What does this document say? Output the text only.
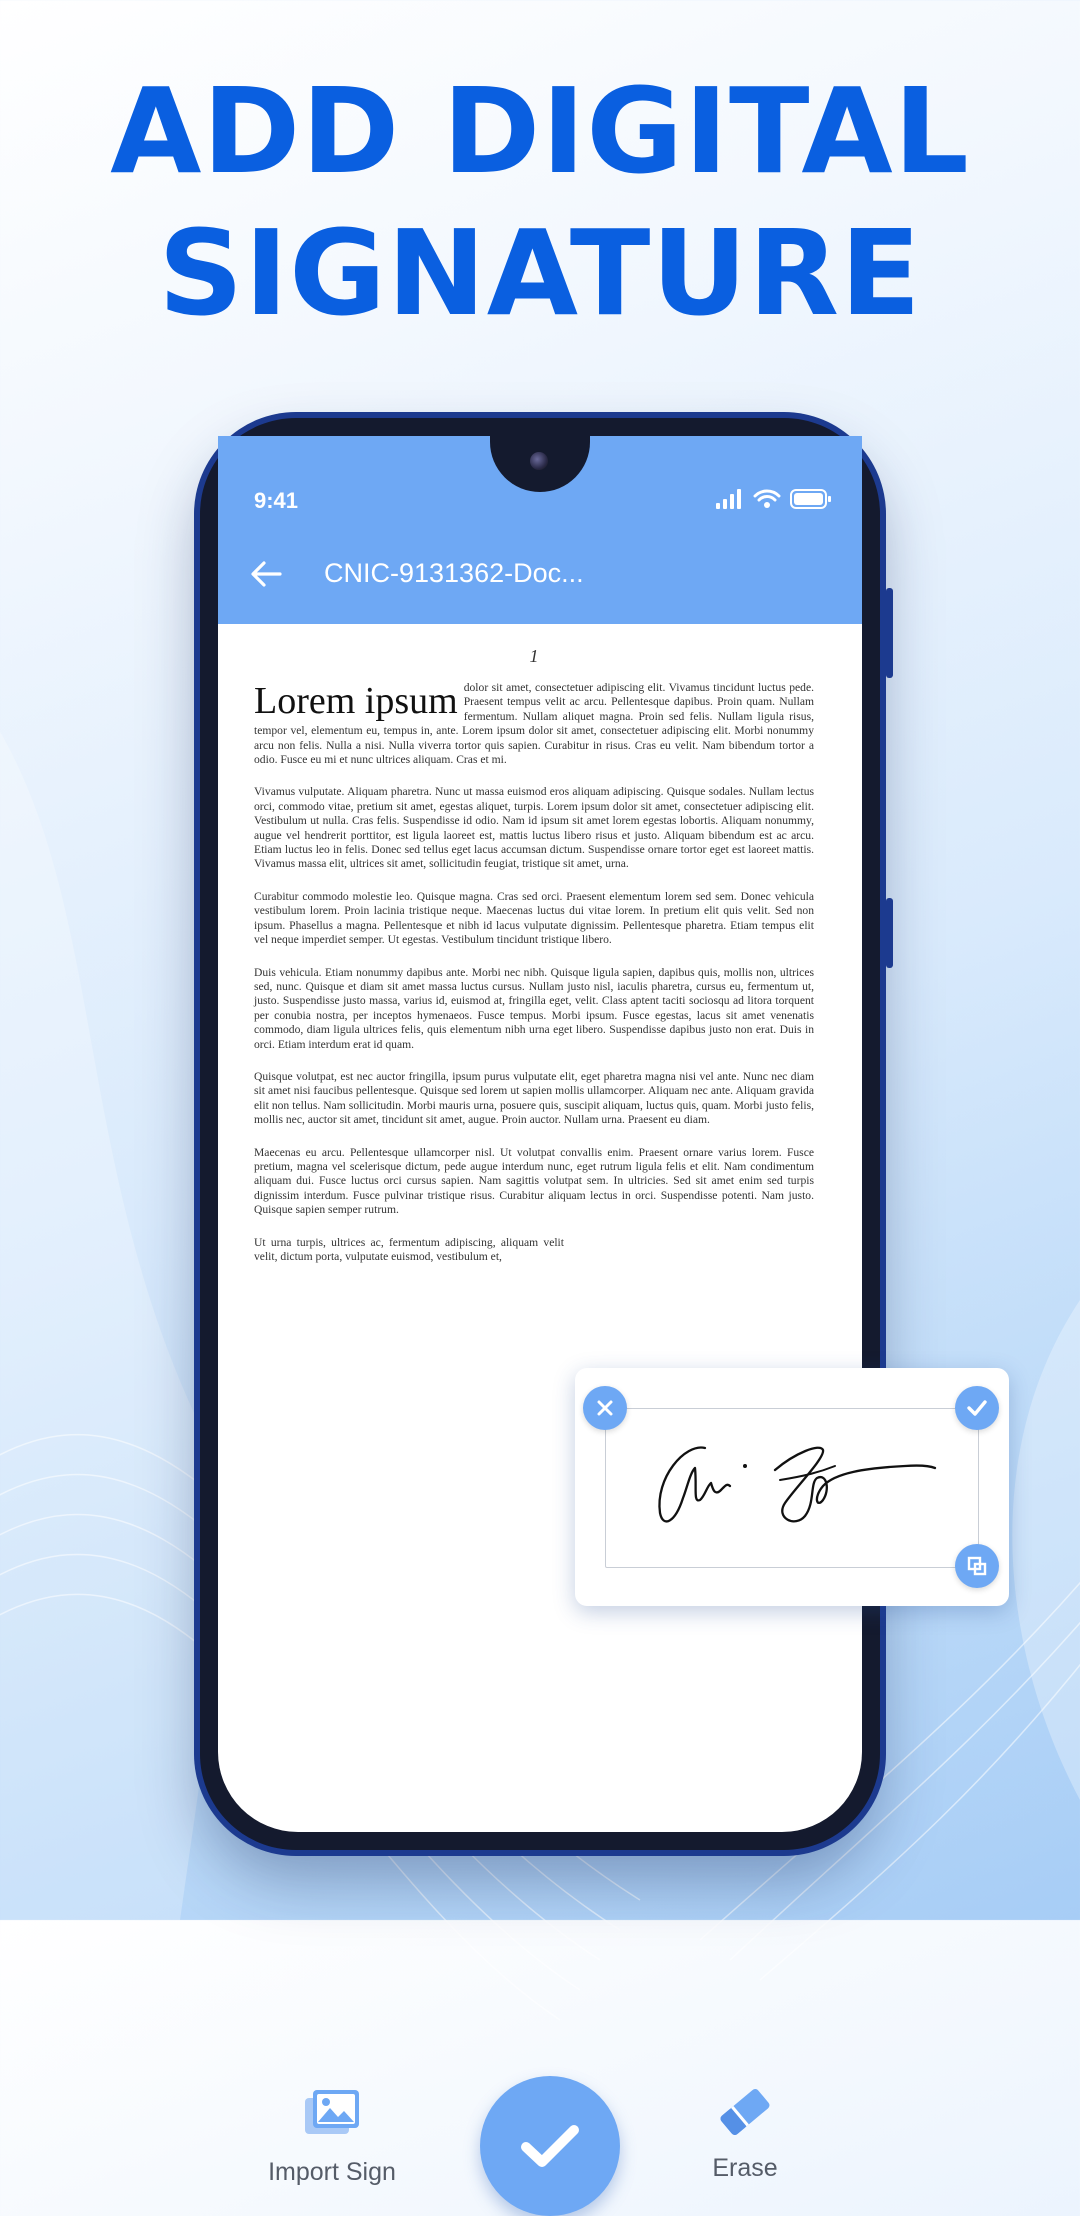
ADD DIGITAL
SIGNATURE
9:41
CNIC-9131362-Doc...

1

Lorem ipsum dolor sit amet, consectetuer adipiscing elit. Vivamus tincidunt luctus pede. Praesent tempus velit ac arcu. Pellentesque dapibus. Proin quam. Nullam fermentum. Nullam aliquet magna. Proin sed felis. Nullam ligula risus, tempor vel, elementum eu, tempus in, ante. Lorem ipsum dolor sit amet, consectetuer adipiscing elit. Morbi nonummy arcu non felis. Nulla a nisi. Nulla viverra tortor quis sapien. Curabitur in risus. Cras eu velit. Nam bibendum tortor a odio. Fusce eu mi et nunc ultrices aliquam. Cras et mi.

Vivamus vulputate. Aliquam pharetra. Nunc ut massa euismod eros aliquam adipiscing. Quisque sodales. Nullam lectus orci, commodo vitae, pretium sit amet, egestas aliquet, turpis. Lorem ipsum dolor sit amet, consectetuer adipiscing elit. Vestibulum ut nulla. Cras felis. Suspendisse id odio. Nam id ipsum sit amet lorem egestas lobortis. Aliquam nonummy, augue vel hendrerit porttitor, est ligula laoreet est, mattis luctus libero risus et justo. Aliquam bibendum est ac arcu. Etiam luctus leo in felis. Donec sed tellus eget lacus accumsan dictum. Suspendisse ornare tortor eget est laoreet mattis. Vivamus massa elit, ultrices sit amet, sollicitudin feugiat, tristique sit amet, urna.

Curabitur commodo molestie leo. Quisque magna. Cras sed orci. Praesent elementum lorem sed sem. Donec vehicula vestibulum lorem. Proin lacinia tristique neque. Maecenas luctus dui vitae lorem. In pretium elit quis velit. Sed non ipsum. Phasellus a magna. Pellentesque et nibh id lacus vulputate dignissim. Pellentesque pharetra. Etiam tempus elit vel neque imperdiet semper. Ut egestas. Vestibulum tincidunt tristique libero.

Duis vehicula. Etiam nonummy dapibus ante. Morbi nec nibh. Quisque ligula sapien, dapibus quis, mollis non, ultrices sed, nunc. Quisque et diam sit amet massa luctus cursus. Nullam justo nisl, iaculis pharetra, cursus eu, fermentum ut, justo. Suspendisse justo massa, varius id, euismod at, fringilla eget, velit. Class aptent taciti sociosqu ad litora torquent per conubia nostra, per inceptos hymenaeos. Fusce tempus. Morbi ipsum. Fusce egestas, lacus sit amet venenatis commodo, diam ligula ultrices felis, quis elementum nibh urna eget libero. Suspendisse dapibus justo non erat. Duis in orci. Etiam interdum erat id quam.

Quisque volutpat, est nec auctor fringilla, ipsum purus vulputate elit, eget pharetra magna nisi vel ante. Nunc nec diam sit amet nisi faucibus pellentesque. Quisque sed lorem ut sapien mollis ullamcorper. Aliquam nec ante. Aliquam gravida elit non tellus. Nam sollicitudin. Morbi mauris urna, posuere quis, suscipit aliquam, luctus quis, quam. Morbi justo felis, mollis nec, auctor sit amet, tincidunt sit amet, augue. Proin auctor. Nullam urna. Praesent eu diam.

Maecenas eu arcu. Pellentesque ullamcorper nisl. Ut volutpat convallis enim. Praesent ornare varius lorem. Fusce pretium, magna vel scelerisque dictum, pede augue interdum nunc, eget rutrum ligula felis et elit. Nam condimentum aliquam dui. Fusce luctus orci cursus sapien. Nam sagittis volutpat sem. In ultricies. Sed sit amet enim sed turpis dignissim interdum. Fusce pulvinar tristique risus. Curabitur aliquam lectus in orci. Suspendisse potenti. Nam justo. Quisque sapien semper rutrum.

Ut urna turpis, ultrices ac, fermentum adipiscing, aliquam velit velit, dictum porta, vulputate euismod, vestibulum et,

Import Sign	Erase
